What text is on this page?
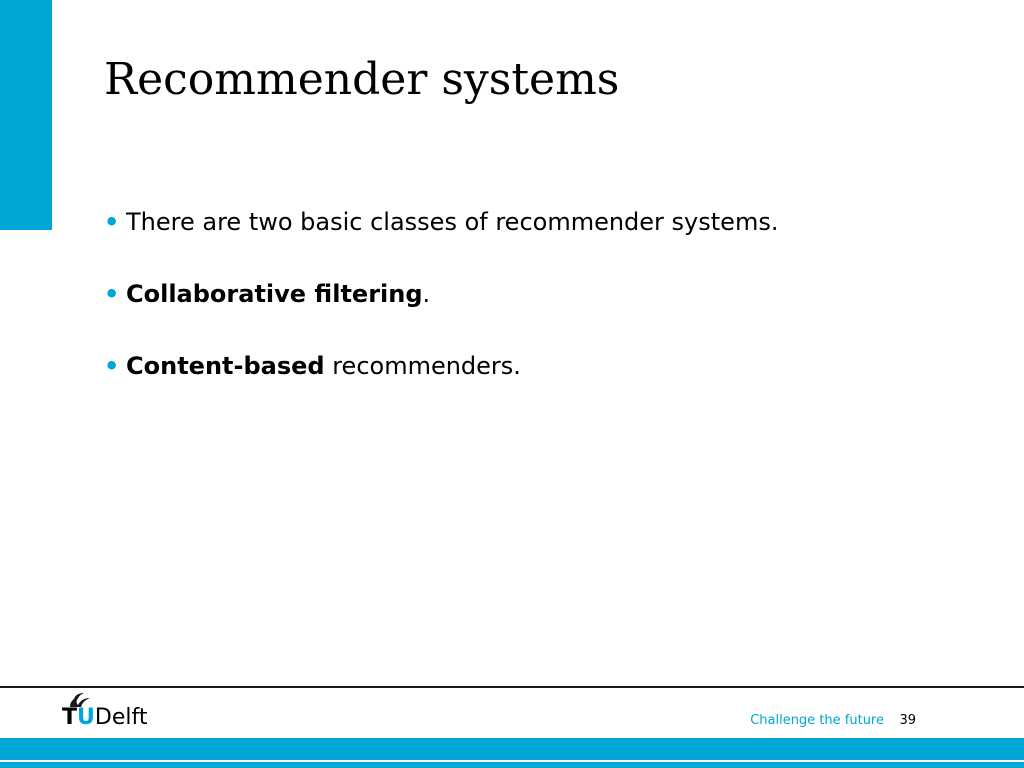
Recommender systems
• There are two basic classes of recommender systems.
• Collaborative filtering.
• Content-based recommenders.
TUDelft	Challenge the future 39
